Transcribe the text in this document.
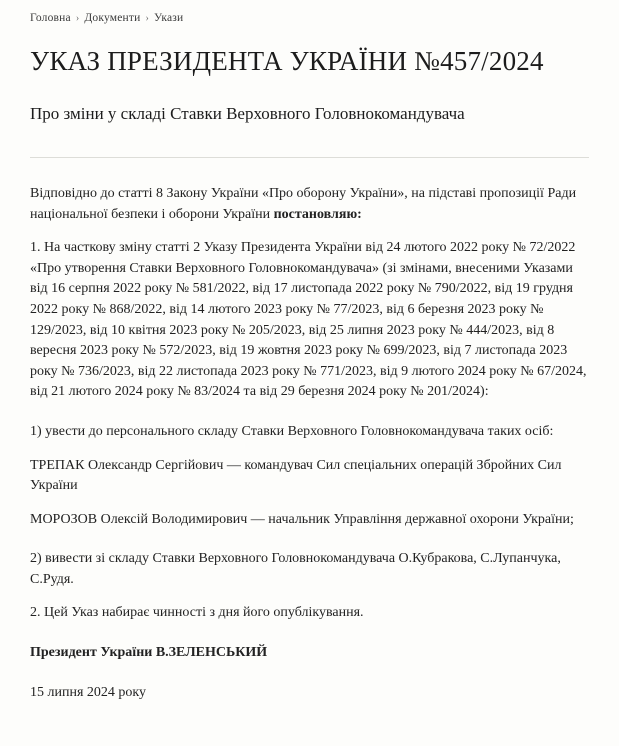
Головна › Документи › Укази
УКАЗ ПРЕЗИДЕНТА УКРАЇНИ №457/2024
Про зміни у складі Ставки Верховного Головнокомандувача

Відповідно до статті 8 Закону України «Про оборону України», на підставі пропозиції Ради національної безпеки і оборони України постановляю:

1. На часткову зміну статті 2 Указу Президента України від 24 лютого 2022 року № 72/2022 «Про утворення Ставки Верховного Головнокомандувача» (зі змінами, внесеними Указами від 16 серпня 2022 року № 581/2022, від 17 листопада 2022 року № 790/2022, від 19 грудня 2022 року № 868/2022, від 14 лютого 2023 року № 77/2023, від 6 березня 2023 року № 129/2023, від 10 квітня 2023 року № 205/2023, від 25 липня 2023 року № 444/2023, від 8 вересня 2023 року № 572/2023, від 19 жовтня 2023 року № 699/2023, від 7 листопада 2023 року № 736/2023, від 22 листопада 2023 року № 771/2023, від 9 лютого 2024 року № 67/2024, від 21 лютого 2024 року № 83/2024 та від 29 березня 2024 року № 201/2024):

1) увести до персонального складу Ставки Верховного Головнокомандувача таких осіб:

ТРЕПАК Олександр Сергійович — командувач Сил спеціальних операцій Збройних Сил України

МОРОЗОВ Олексій Володимирович — начальник Управління державної охорони України;

2) вивести зі складу Ставки Верховного Головнокомандувача О.Кубракова, С.Лупанчука, С.Рудя.

2. Цей Указ набирає чинності з дня його опублікування.

Президент України В.ЗЕЛЕНСЬКИЙ

15 липня 2024 року
